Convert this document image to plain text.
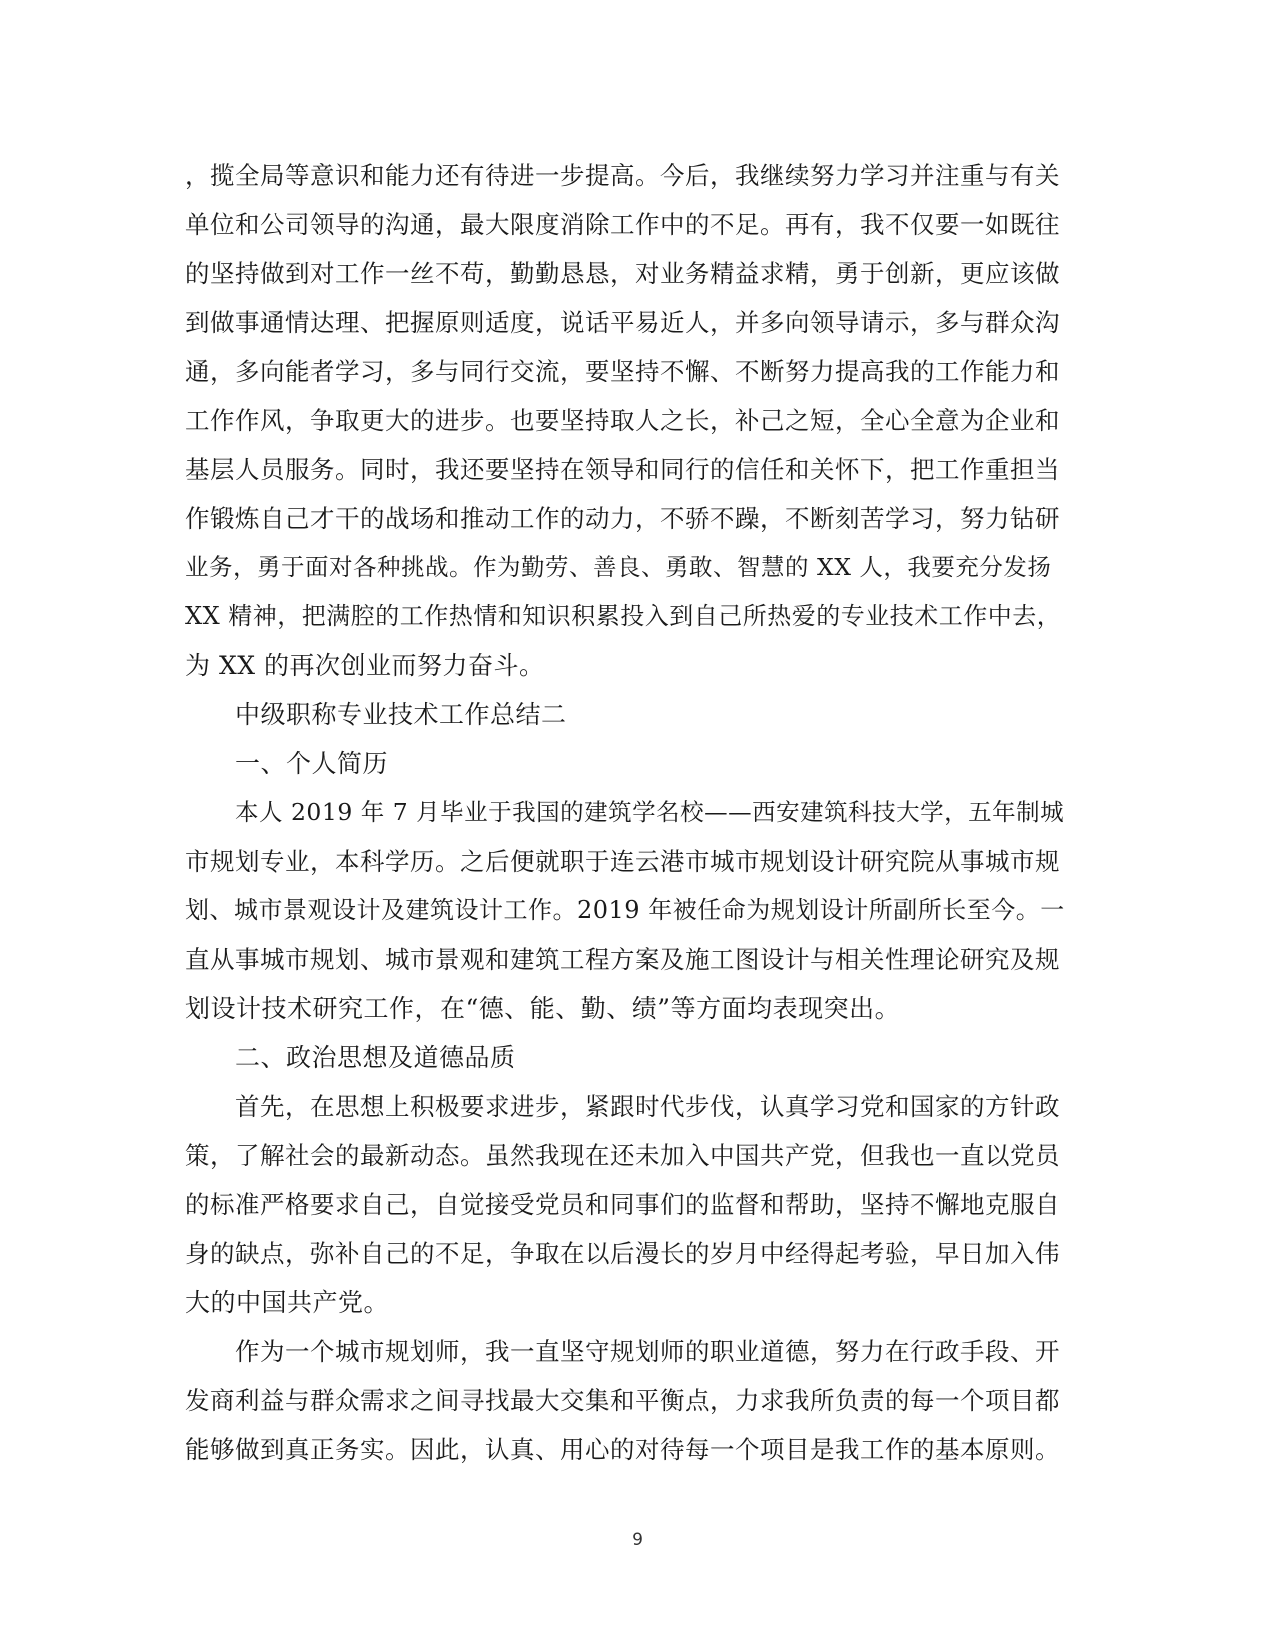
，揽全局等意识和能力还有待进一步提高。今后，我继续努力学习并注重与有关
单位和公司领导的沟通，最大限度消除工作中的不足。再有，我不仅要一如既往
的坚持做到对工作一丝不苟，勤勤恳恳，对业务精益求精，勇于创新，更应该做
到做事通情达理、把握原则适度，说话平易近人，并多向领导请示，多与群众沟
通，多向能者学习，多与同行交流，要坚持不懈、不断努力提高我的工作能力和
工作作风，争取更大的进步。也要坚持取人之长，补己之短，全心全意为企业和
基层人员服务。同时，我还要坚持在领导和同行的信任和关怀下，把工作重担当
作锻炼自己才干的战场和推动工作的动力，不骄不躁，不断刻苦学习，努力钻研
业务，勇于面对各种挑战。作为勤劳、善良、勇敢、智慧的 XX 人，我要充分发扬
XX 精神，把满腔的工作热情和知识积累投入到自己所热爱的专业技术工作中去，
为 XX 的再次创业而努力奋斗。
中级职称专业技术工作总结二
一、个人简历
本人 2019 年 7 月毕业于我国的建筑学名校——西安建筑科技大学，五年制城
市规划专业，本科学历。之后便就职于连云港市城市规划设计研究院从事城市规
划、城市景观设计及建筑设计工作。2019 年被任命为规划设计所副所长至今。一
直从事城市规划、城市景观和建筑工程方案及施工图设计与相关性理论研究及规
划设计技术研究工作，在“德、能、勤、绩”等方面均表现突出。
二、政治思想及道德品质
首先，在思想上积极要求进步，紧跟时代步伐，认真学习党和国家的方针政
策，了解社会的最新动态。虽然我现在还未加入中国共产党，但我也一直以党员
的标准严格要求自己，自觉接受党员和同事们的监督和帮助，坚持不懈地克服自
身的缺点，弥补自己的不足，争取在以后漫长的岁月中经得起考验，早日加入伟
大的中国共产党。
作为一个城市规划师，我一直坚守规划师的职业道德，努力在行政手段、开
发商利益与群众需求之间寻找最大交集和平衡点，力求我所负责的每一个项目都
能够做到真正务实。因此，认真、用心的对待每一个项目是我工作的基本原则。
9
